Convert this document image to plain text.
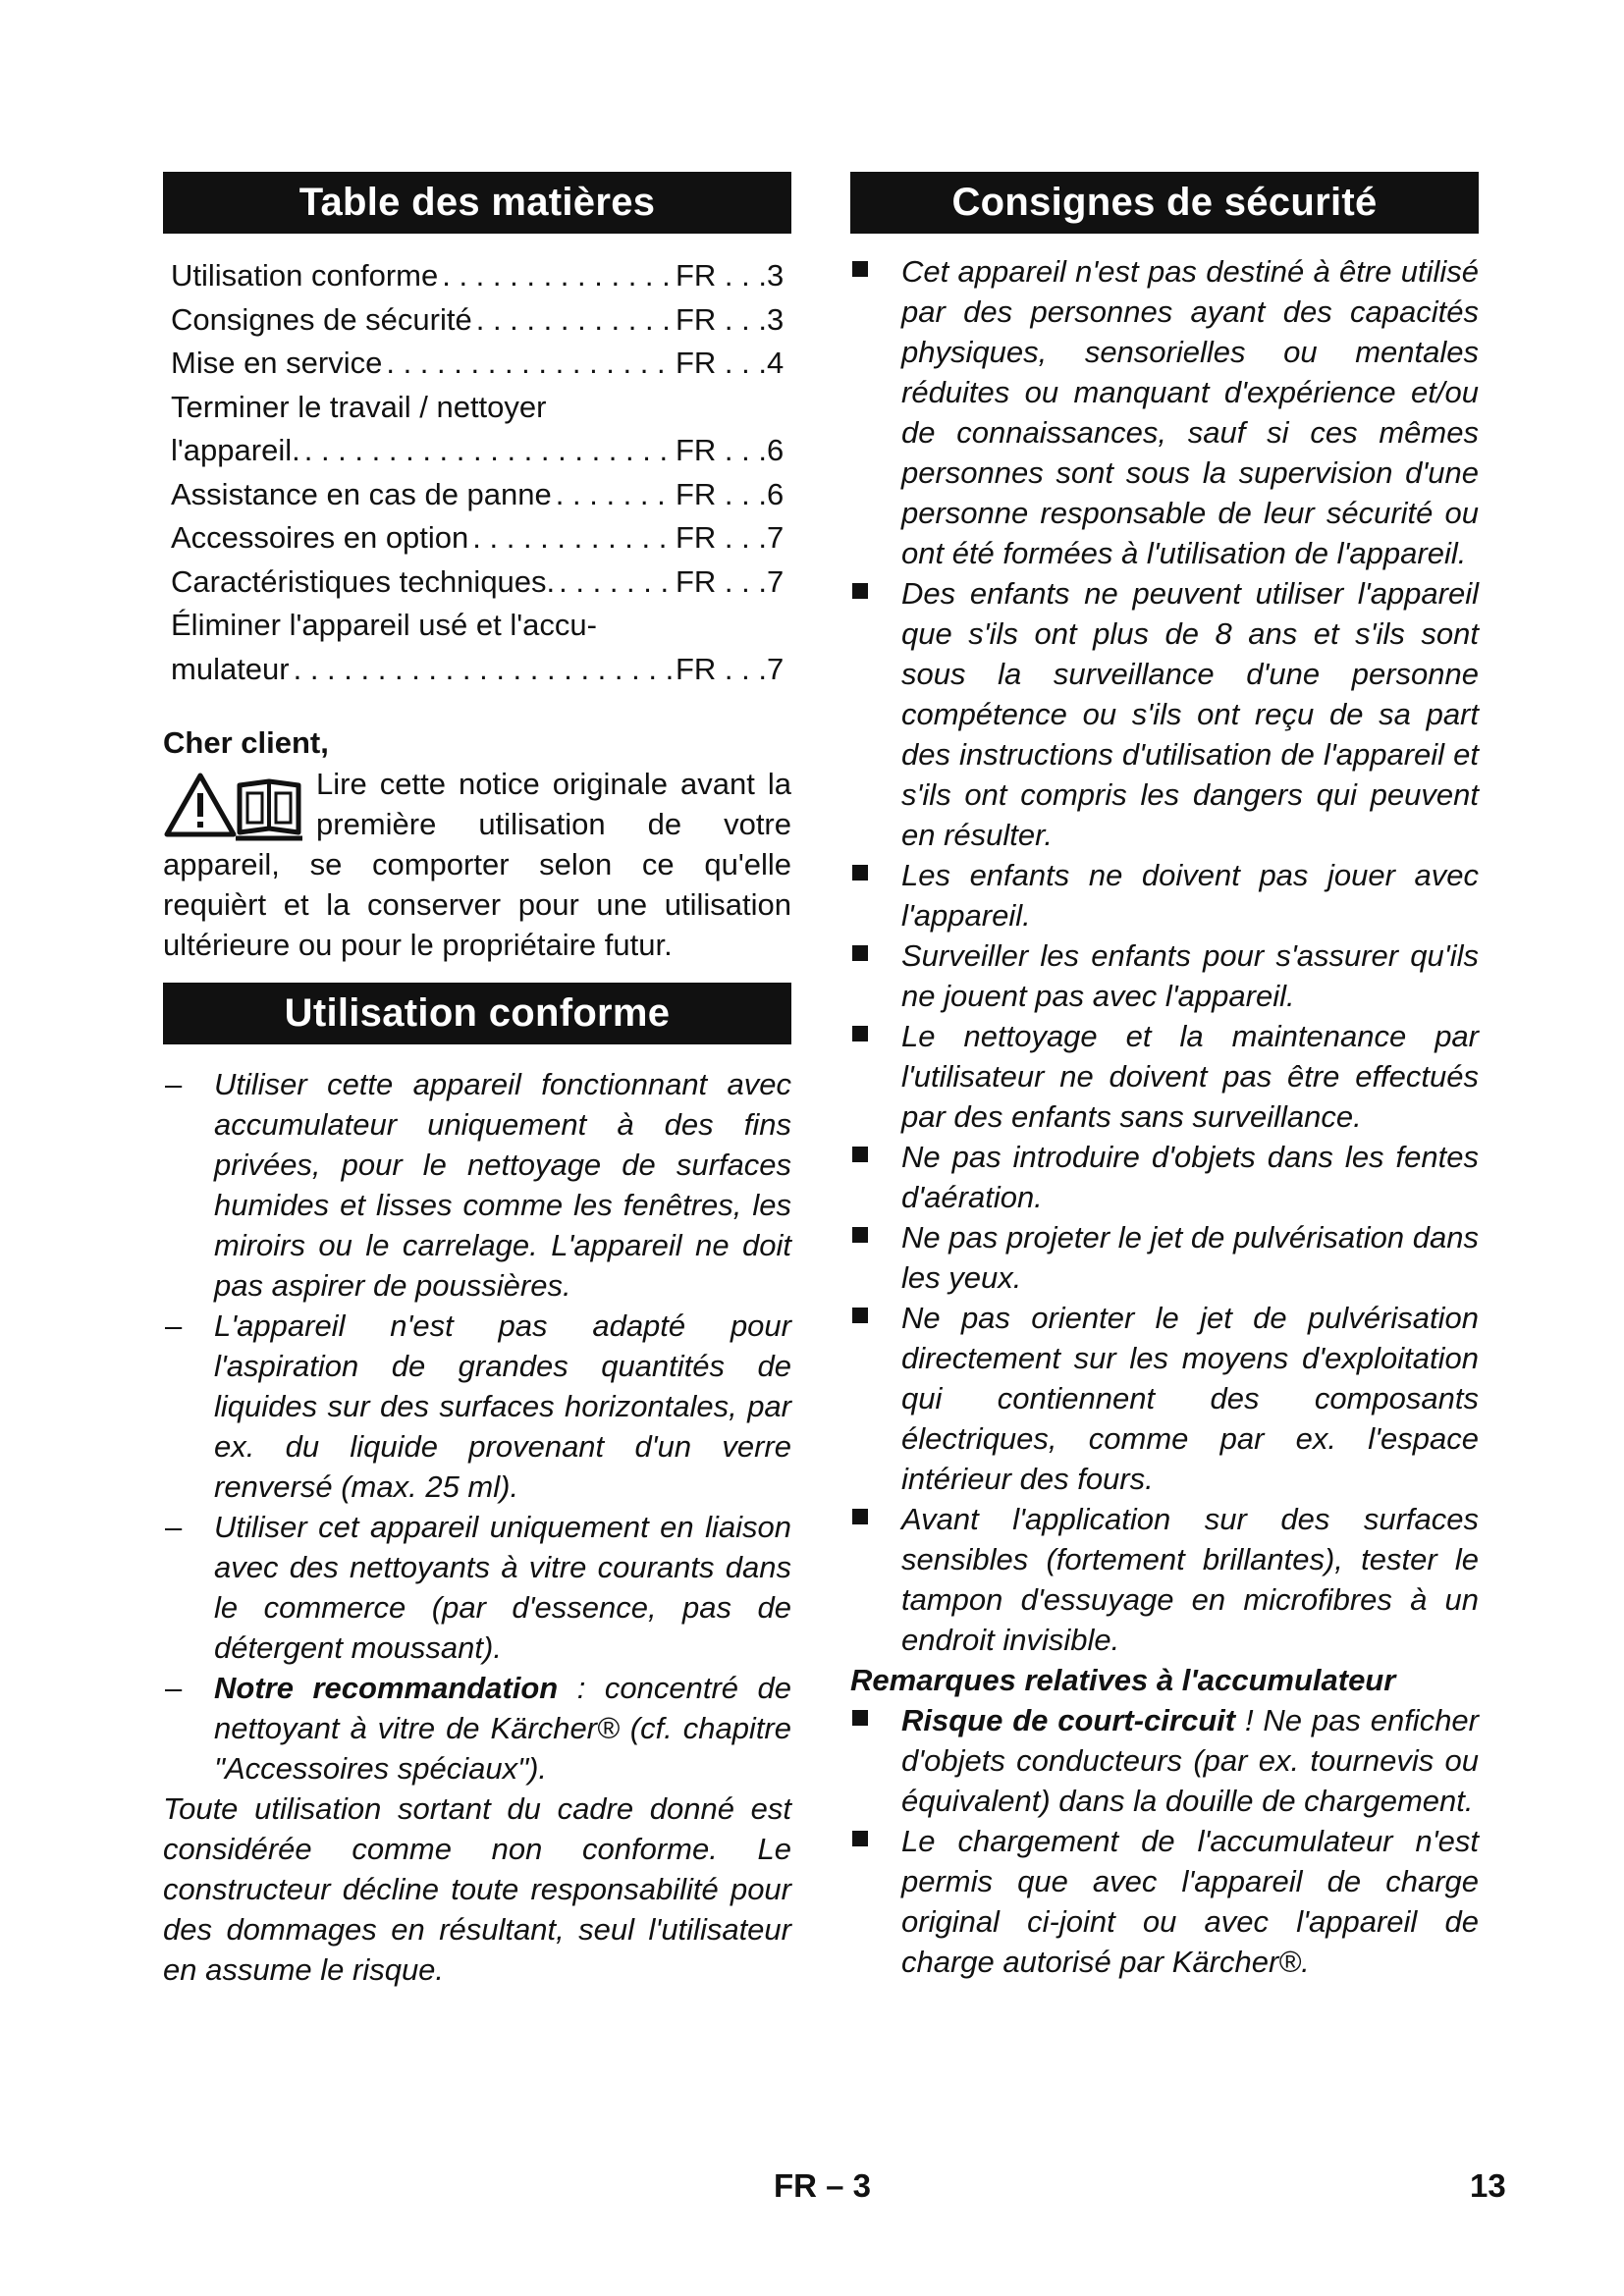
Table des matières
Utilisation conforme . . .	FR . . .3
Consignes de sécurité . . .	FR . . .3
Mise en service . . .	FR . . .4
Terminer le travail / nettoyer
l'appareil. . . .	FR . . .6
Assistance en cas de panne . . .	FR . . .6
Accessoires en option . . .	FR . . .7
Caractéristiques techniques. . . .	FR . . .7
Éliminer l'appareil usé et l'accu-
mulateur . . .	FR . . .7
Cher client,
Lire cette notice originale avant la première utilisation de votre appareil, se comporter selon ce qu'elle requièrt et la conserver pour une utilisation ultérieure ou pour le propriétaire futur.
Utilisation conforme
– Utiliser cette appareil fonctionnant avec accumulateur uniquement à des fins privées, pour le nettoyage de surfaces humides et lisses comme les fenêtres, les miroirs ou le carrelage. L'appareil ne doit pas aspirer de poussières.
– L'appareil n'est pas adapté pour l'aspiration de grandes quantités de liquides sur des surfaces horizontales, par ex. du liquide provenant d'un verre renversé (max. 25 ml).
– Utiliser cet appareil uniquement en liaison avec des nettoyants à vitre courants dans le commerce (par d'essence, pas de détergent moussant).
– Notre recommandation : concentré de nettoyant à vitre de Kärcher® (cf. chapitre "Accessoires spéciaux").
Toute utilisation sortant du cadre donné est considérée comme non conforme. Le constructeur décline toute responsabilité pour des dommages en résultant, seul l'utilisateur en assume le risque.
Consignes de sécurité
Cet appareil n'est pas destiné à être utilisé par des personnes ayant des capacités physiques, sensorielles ou mentales réduites ou manquant d'expérience et/ou de connaissances, sauf si ces mêmes personnes sont sous la supervision d'une personne responsable de leur sécurité ou ont été formées à l'utilisation de l'appareil.
Des enfants ne peuvent utiliser l'appareil que s'ils ont plus de 8 ans et s'ils sont sous la surveillance d'une personne compétence ou s'ils ont reçu de sa part des instructions d'utilisation de l'appareil et s'ils ont compris les dangers qui peuvent en résulter.
Les enfants ne doivent pas jouer avec l'appareil.
Surveiller les enfants pour s'assurer qu'ils ne jouent pas avec l'appareil.
Le nettoyage et la maintenance par l'utilisateur ne doivent pas être effectués par des enfants sans surveillance.
Ne pas introduire d'objets dans les fentes d'aération.
Ne pas projeter le jet de pulvérisation dans les yeux.
Ne pas orienter le jet de pulvérisation directement sur les moyens d'exploitation qui contiennent des composants électriques, comme par ex. l'espace intérieur des fours.
Avant l'application sur des surfaces sensibles (fortement brillantes), tester le tampon d'essuyage en microfibres à un endroit invisible.
Remarques relatives à l'accumulateur
Risque de court-circuit ! Ne pas enficher d'objets conducteurs (par ex. tournevis ou équivalent) dans la douille de chargement.
Le chargement de l'accumulateur n'est permis que avec l'appareil de charge original ci-joint ou avec l'appareil de charge autorisé par Kärcher®.
FR – 3	13
